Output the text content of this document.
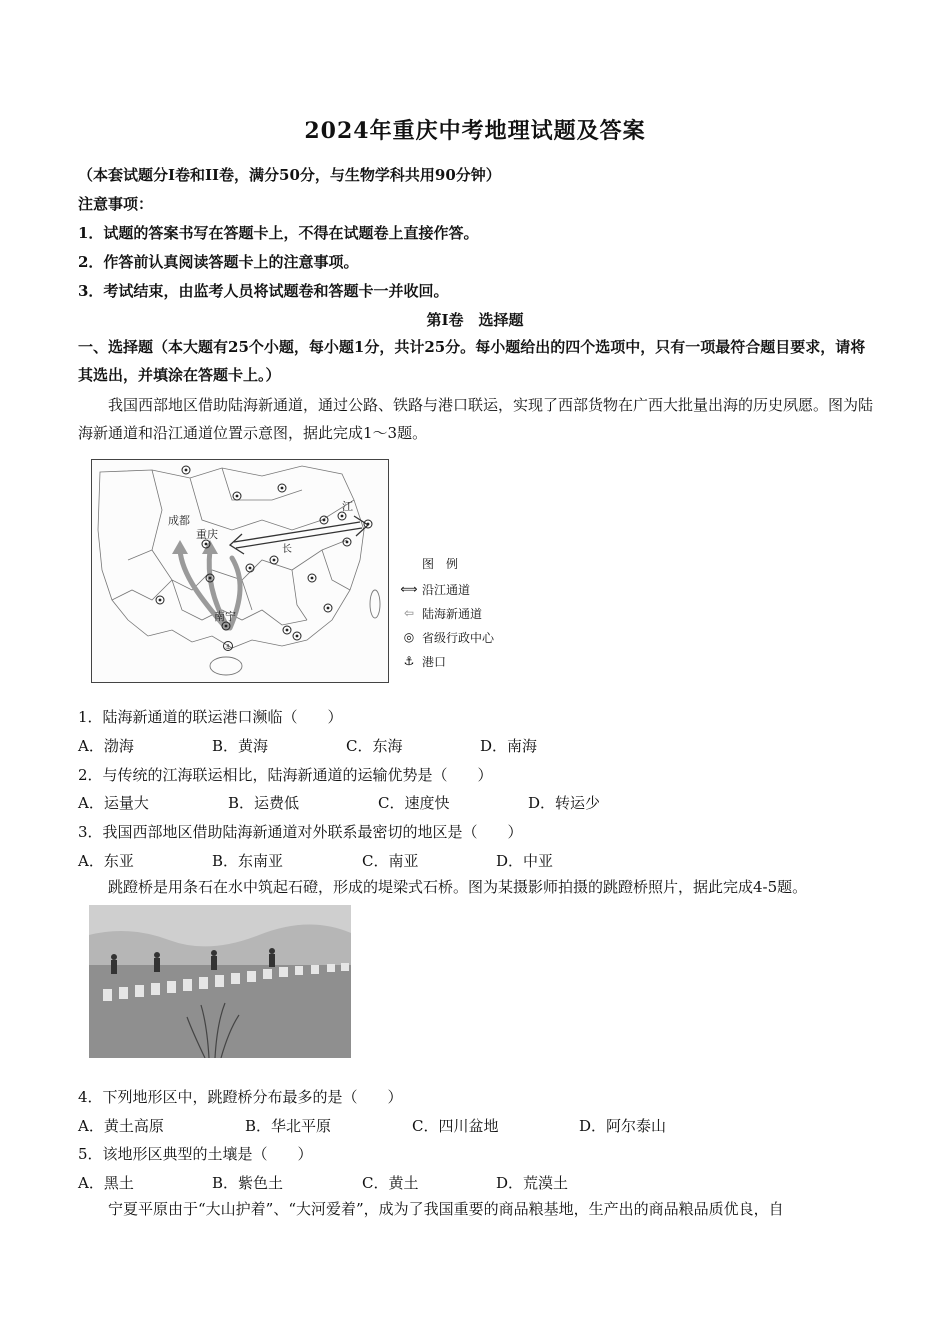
2024年重庆中考地理试题及答案
（本套试题分I卷和II卷，满分50分，与生物学科共用90分钟）
注意事项：
1．试题的答案书写在答题卡上，不得在试题卷上直接作答。
2．作答前认真阅读答题卡上的注意事项。
3．考试结束，由监考人员将试题卷和答题卡一并收回。
第I卷　选择题
一、选择题（本大题有25个小题，每小题1分，共计25分。每小题给出的四个选项中，只有一项最符合题目要求，请将其选出，并填涂在答题卡上。）
我国西部地区借助陆海新通道，通过公路、铁路与港口联运，实现了西部货物在广西大批量出海的历史夙愿。图为陆海新通道和沿江通道位置示意图，据此完成1～3题。
⚓
成都
重庆
南宁
江
长
图　例
⟺ 沿江通道
⇦ 陆海新通道
◎ 省级行政中心
⚓ 港口
1．陆海新通道的联运港口濒临（　　）
A．渤海	B．黄海	C．东海	D．南海
2．与传统的江海联运相比，陆海新通道的运输优势是（　　）
A．运量大	B．运费低	C．速度快	D．转运少
3．我国西部地区借助陆海新通道对外联系最密切的地区是（　　）
A．东亚	B．东南亚	C．南亚	D．中亚
跳蹬桥是用条石在水中筑起石磴，形成的堤梁式石桥。图为某摄影师拍摄的跳蹬桥照片，据此完成4-5题。
4．下列地形区中，跳蹬桥分布最多的是（　　）
A．黄土高原	B．华北平原	C．四川盆地	D．阿尔泰山
5．该地形区典型的土壤是（　　）
A．黑土	B．紫色土	C．黄土	D．荒漠土
宁夏平原由于“大山护着”、“大河爱着”，成为了我国重要的商品粮基地，生产出的商品粮品质优良，自
